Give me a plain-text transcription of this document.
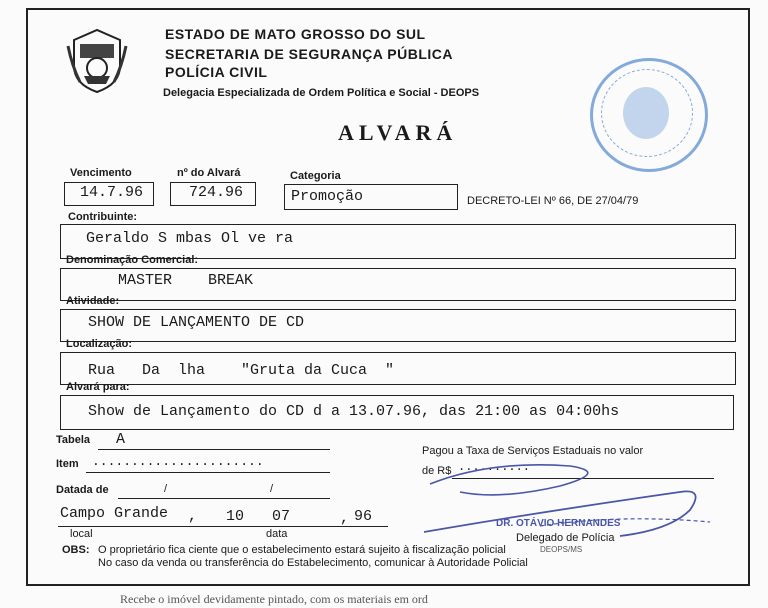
ESTADO DE MATO GROSSO DO SUL
SECRETARIA DE SEGURANÇA PÚBLICA
POLÍCIA CIVIL
Delegacia Especializada de Ordem Política e Social - DEOPS
ALVARÁ
Vencimento	nº do Alvará	Categoria
14.7.96	724.96	Promoção	DECRETO-LEI Nº 66, DE 27/04/79
Contribuinte:
Geraldo S mbas Ol ve ra
Denominação Comercial:
MASTER    BREAK
Atividade:
SHOW DE LANÇAMENTO DE CD
Localização:
Rua   Da  lha    "Gruta da Cuca  "
Alvará para:
Show de Lançamento do CD d a 13.07.96, das 21:00 as 04:00hs
Tabela A
Item ......................
Datada de	/	/
Campo Grande , 10 07	, 96
local	data
Pagou a Taxa de Serviços Estaduais no valor
de R$ ..........
DR. OTÁVIO HERNANDES
Delegado de Polícia
DEOPS/MS
OBS: O proprietário fica ciente que o estabelecimento estará sujeito à fiscalização policial
No caso da venda ou transferência do Estabelecimento, comunicar à Autoridade Policial
Recebe o imóvel devidamente pintado, com os materiais em ord
